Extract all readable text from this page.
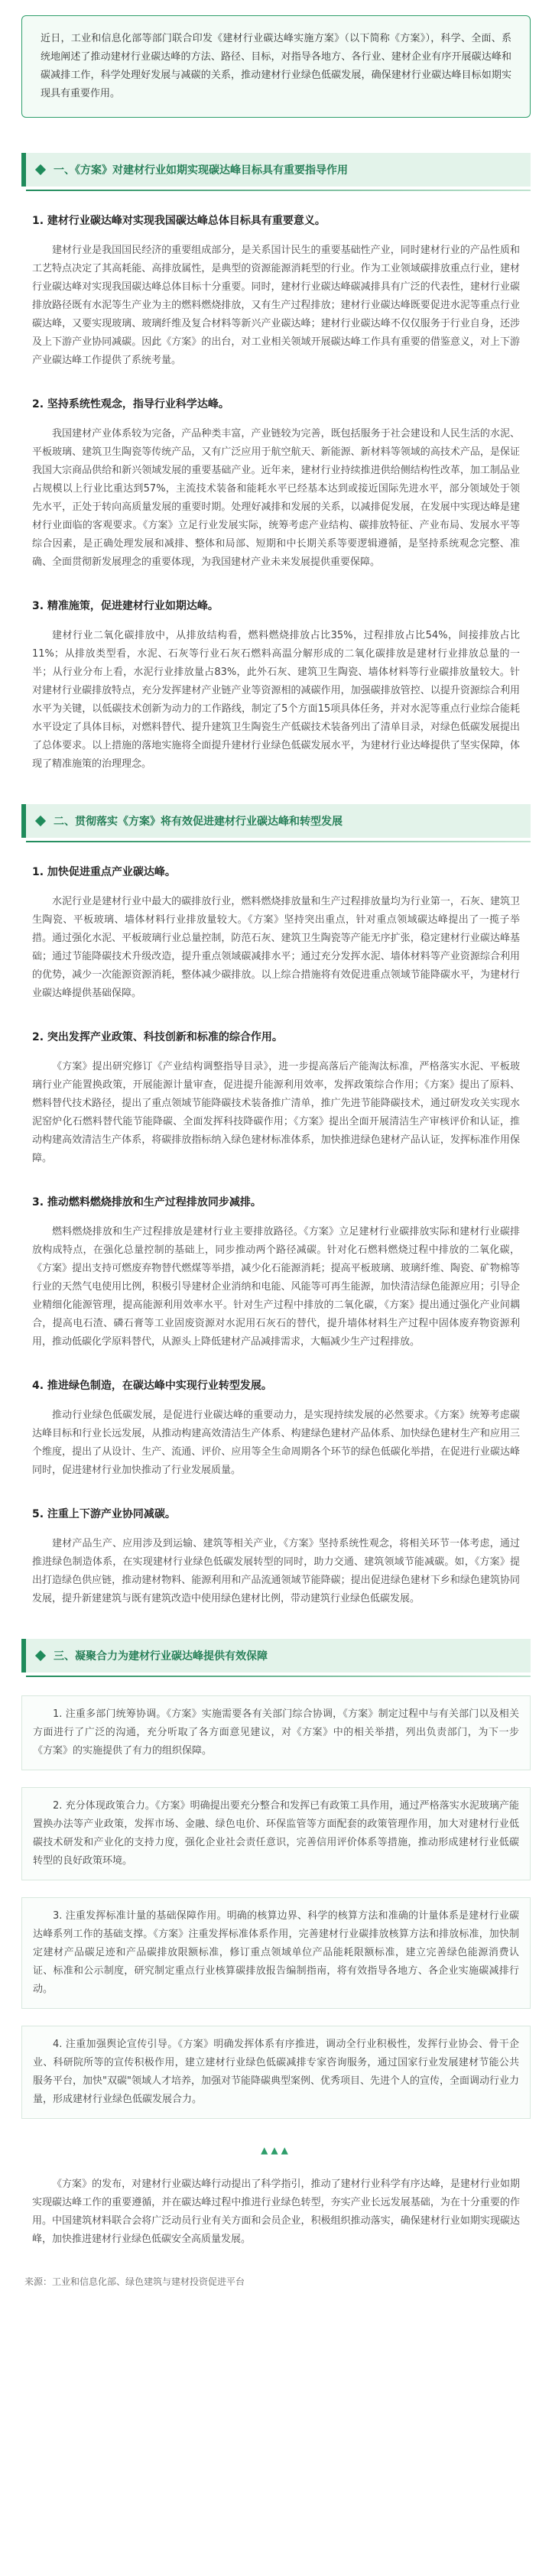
近日，工业和信息化部等部门联合印发《建材行业碳达峰实施方案》（以下简称《方案》），科学、全面、系统地阐述了推动建材行业碳达峰的方法、路径、目标，对指导各地方、各行业、建材企业有序开展碳达峰和碳减排工作，科学处理好发展与减碳的关系，推动建材行业绿色低碳发展，确保建材行业碳达峰目标如期实现具有重要作用。
一、《方案》对建材行业如期实现碳达峰目标具有重要指导作用
1. 建材行业碳达峰对实现我国碳达峰总体目标具有重要意义。

建材行业是我国国民经济的重要组成部分，是关系国计民生的重要基础性产业，同时建材行业的产品性质和工艺特点决定了其高耗能、高排放属性，是典型的资源能源消耗型的行业。作为工业领域碳排放重点行业，建材行业碳达峰对实现我国碳达峰总体目标十分重要。同时，建材行业碳达峰碳减排具有广泛的代表性，建材行业碳排放路径既有水泥等生产业为主的燃料燃烧排放，又有生产过程排放；建材行业碳达峰既要促进水泥等重点行业碳达峰，又要实现玻璃、玻璃纤维及复合材料等新兴产业碳达峰；建材行业碳达峰不仅仅服务于行业自身，还涉及上下游产业协同减碳。因此《方案》的出台，对工业相关领域开展碳达峰工作具有重要的借鉴意义，对上下游产业碳达峰工作提供了系统考量。

2. 坚持系统性观念，指导行业科学达峰。

我国建材产业体系较为完备，产品种类丰富，产业链较为完善，既包括服务于社会建设和人民生活的水泥、平板玻璃、建筑卫生陶瓷等传统产品，又有广泛应用于航空航天、新能源、新材料等领域的高技术产品，是保证我国大宗商品供给和新兴领域发展的重要基础产业。近年来，建材行业持续推进供给侧结构性改革，加工制品业占规模以上行业比重达到57%，主流技术装备和能耗水平已经基本达到或接近国际先进水平，部分领域处于领先水平，正处于转向高质量发展的重要时期。处理好减排和发展的关系，以减排促发展，在发展中实现达峰是建材行业面临的客观要求。《方案》立足行业发展实际，统筹考虑产业结构、碳排放特征、产业布局、发展水平等综合因素，是正确处理发展和减排、整体和局部、短期和中长期关系等要逻辑遵循，是坚持系统观念完整、准确、全面贯彻新发展理念的重要体现，为我国建材产业未来发展提供重要保障。

3. 精准施策，促进建材行业如期达峰。

建材行业二氧化碳排放中，从排放结构看，燃料燃烧排放占比35%，过程排放占比54%，间接排放占比11%；从排放类型看，水泥、石灰等行业石灰石燃料高温分解形成的二氧化碳排放是建材行业排放总量的一半；从行业分布上看，水泥行业排放量占83%，此外石灰、建筑卫生陶瓷、墙体材料等行业碳排放量较大。针对建材行业碳排放特点，充分发挥建材产业链产业等资源相的减碳作用，加强碳排放管控、以提升资源综合利用水平为关键，以低碳技术创新为动力的工作路线，制定了5个方面15项具体任务，并对水泥等重点行业综合能耗水平设定了具体目标，对燃料替代、提升建筑卫生陶瓷生产低碳技术装备列出了清单目录，对绿色低碳发展提出了总体要求。以上措施的落地实施将全面提升建材行业绿色低碳发展水平，为建材行业达峰提供了坚实保障，体现了精准施策的治理理念。

二、贯彻落实《方案》将有效促进建材行业碳达峰和转型发展
1. 加快促进重点产业碳达峰。

水泥行业是建材行业中最大的碳排放行业，燃料燃烧排放量和生产过程排放量均为行业第一，石灰、建筑卫生陶瓷、平板玻璃、墙体材料行业排放量较大。《方案》坚持突出重点，针对重点领域碳达峰提出了一揽子举措。通过强化水泥、平板玻璃行业总量控制，防范石灰、建筑卫生陶瓷等产能无序扩张，稳定建材行业碳达峰基础；通过节能降碳技术升级改造，提升重点领域碳减排水平；通过充分发挥水泥、墙体材料等产业资源综合利用的优势，减少一次能源资源消耗，整体减少碳排放。以上综合措施将有效促进重点领域节能降碳水平，为建材行业碳达峰提供基础保障。

2. 突出发挥产业政策、科技创新和标准的综合作用。

《方案》提出研究修订《产业结构调整指导目录》，进一步提高落后产能淘汰标准，严格落实水泥、平板玻璃行业产能置换政策，开展能源计量审查，促进提升能源利用效率，发挥政策综合作用；《方案》提出了原料、燃料替代技术路径，提出了重点领域节能降碳技术装备推广清单，推广先进节能降碳技术，通过研发攻关实现水泥窑炉化石燃料替代能节能降碳、全面发挥科技降碳作用；《方案》提出全面开展清洁生产审核评价和认证，推动构建高效清洁生产体系，将碳排放指标纳入绿色建材标准体系，加快推进绿色建材产品认证，发挥标准作用保障。

3. 推动燃料燃烧排放和生产过程排放同步减排。

燃料燃烧排放和生产过程排放是建材行业主要排放路径。《方案》立足建材行业碳排放实际和建材行业碳排放构成特点，在强化总量控制的基础上，同步推动两个路径减碳。针对化石燃料燃烧过程中排放的二氧化碳，《方案》提出支持可燃废弃物替代燃煤等举措，减少化石能源消耗；提高平板玻璃、玻璃纤维、陶瓷、矿物棉等行业的天然气电使用比例，积极引导建材企业消纳和电能、风能等可再生能源，加快清洁绿色能源应用；引导企业精细化能源管理，提高能源利用效率水平。针对生产过程中排放的二氧化碳，《方案》提出通过强化产业间耦合，提高电石渣、磷石膏等工业固废资源对水泥用石灰石的替代，提升墙体材料生产过程中固体废弃物资源利用，推动低碳化学原料替代，从源头上降低建材产品减排需求，大幅减少生产过程排放。

4. 推进绿色制造，在碳达峰中实现行业转型发展。

推动行业绿色低碳发展，是促进行业碳达峰的重要动力，是实现持续发展的必然要求。《方案》统筹考虑碳达峰目标和行业长远发展，从推动构建高效清洁生产体系、构建绿色建材产品体系、加快绿色建材生产和应用三个维度，提出了从设计、生产、流通、评价、应用等全生命周期各个环节的绿色低碳化举措，在促进行业碳达峰同时，促进建材行业加快推动了行业发展质量。

5. 注重上下游产业协同减碳。

建材产品生产、应用涉及到运输、建筑等相关产业，《方案》坚持系统性观念，将相关环节一体考虑，通过推进绿色制造体系，在实现建材行业绿色低碳发展转型的同时，助力交通、建筑领域节能减碳。如，《方案》提出打造绿色供应链，推动建材物料、能源利用和产品流通领域节能降碳；提出促进绿色建材下乡和绿色建筑协同发展，提升新建建筑与既有建筑改造中使用绿色建材比例，带动建筑行业绿色低碳发展。

三、凝聚合力为建材行业碳达峰提供有效保障

1. 注重多部门统筹协调。《方案》实施需要各有关部门综合协调，《方案》制定过程中与有关部门以及相关方面进行了广泛的沟通，充分听取了各方面意见建议，对《方案》中的相关举措，列出负责部门，为下一步《方案》的实施提供了有力的组织保障。

2. 充分体现政策合力。《方案》明确提出要充分整合和发挥已有政策工具作用，通过严格落实水泥玻璃产能置换办法等产业政策，发挥市场、金融、绿色电价、环保监管等方面配套的政策管理作用，加大对建材行业低碳技术研发和产业化的支持力度，强化企业社会责任意识，完善信用评价体系等措施，推动形成建材行业低碳转型的良好政策环境。

3. 注重发挥标准计量的基础保障作用。明确的核算边界、科学的核算方法和准确的计量体系是建材行业碳达峰系列工作的基础支撑。《方案》注重发挥标准体系作用，完善建材行业碳排放核算方法和排放标准，加快制定建材产品碳足迹和产品碳排放限额标准，修订重点领域单位产品能耗限额标准，建立完善绿色能源消费认证、标准和公示制度，研究制定重点行业核算碳排放报告编制指南，将有效指导各地方、各企业实施碳减排行动。

4. 注重加强舆论宣传引导。《方案》明确发挥体系有序推进，调动全行业积极性，发挥行业协会、骨干企业、科研院所等的宣传积极作用，建立建材行业绿色低碳减排专家咨询服务，通过国家行业发展建材节能公共服务平台，加快"双碳"领域人才培养，加强对节能降碳典型案例、优秀项目、先进个人的宣传，全面调动行业力量，形成建材行业绿色低碳发展合力。

▲▲▲

《方案》的发布，对建材行业碳达峰行动提出了科学指引，推动了建材行业科学有序达峰，是建材行业如期实现碳达峰工作的重要遵循，并在碳达峰过程中推进行业绿色转型，夯实产业长远发展基础，为在十分重要的作用。中国建筑材料联合会将广泛动员行业有关方面和会员企业，积极组织推动落实，确保建材行业如期实现碳达峰，加快推进建材行业绿色低碳安全高质量发展。

来源：工业和信息化部、绿色建筑与建材投资促进平台
